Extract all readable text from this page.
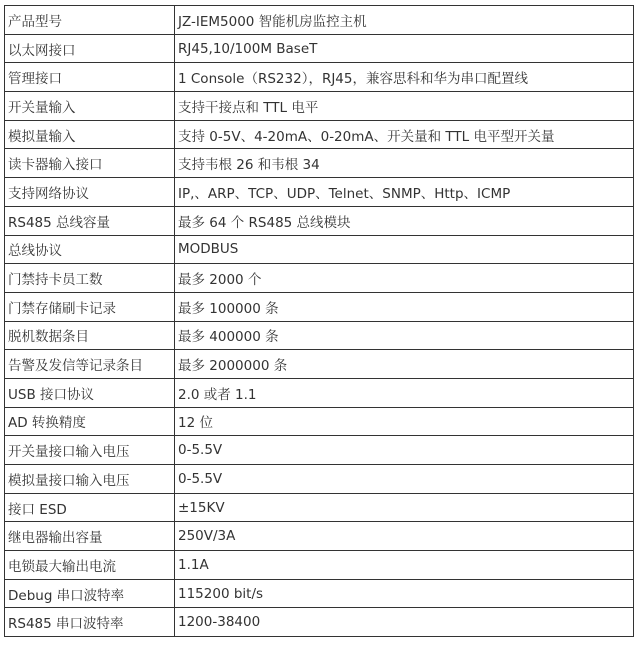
产品型号	JZ-IEM5000 智能机房监控主机
以太网接口	RJ45,10/100M BaseT
管理接口	1 Console（RS232），RJ45，兼容思科和华为串口配置线
开关量输入	支持干接点和 TTL 电平
模拟量输入	支持 0-5V、4-20mA、0-20mA、开关量和 TTL 电平型开关量
读卡器输入接口	支持韦根 26 和韦根 34
支持网络协议	IP,、ARP、TCP、UDP、Telnet、SNMP、Http、ICMP
RS485 总线容量	最多 64 个 RS485 总线模块
总线协议	MODBUS
门禁持卡员工数	最多 2000 个
门禁存储刷卡记录	最多 100000 条
脱机数据条目	最多 400000 条
告警及发信等记录条目	最多 2000000 条
USB 接口协议	2.0 或者 1.1
AD 转换精度	12 位
开关量接口输入电压	0-5.5V
模拟量接口输入电压	0-5.5V
接口 ESD	±15KV
继电器输出容量	250V/3A
电锁最大输出电流	1.1A
Debug 串口波特率	115200 bit/s
RS485 串口波特率	1200-38400
